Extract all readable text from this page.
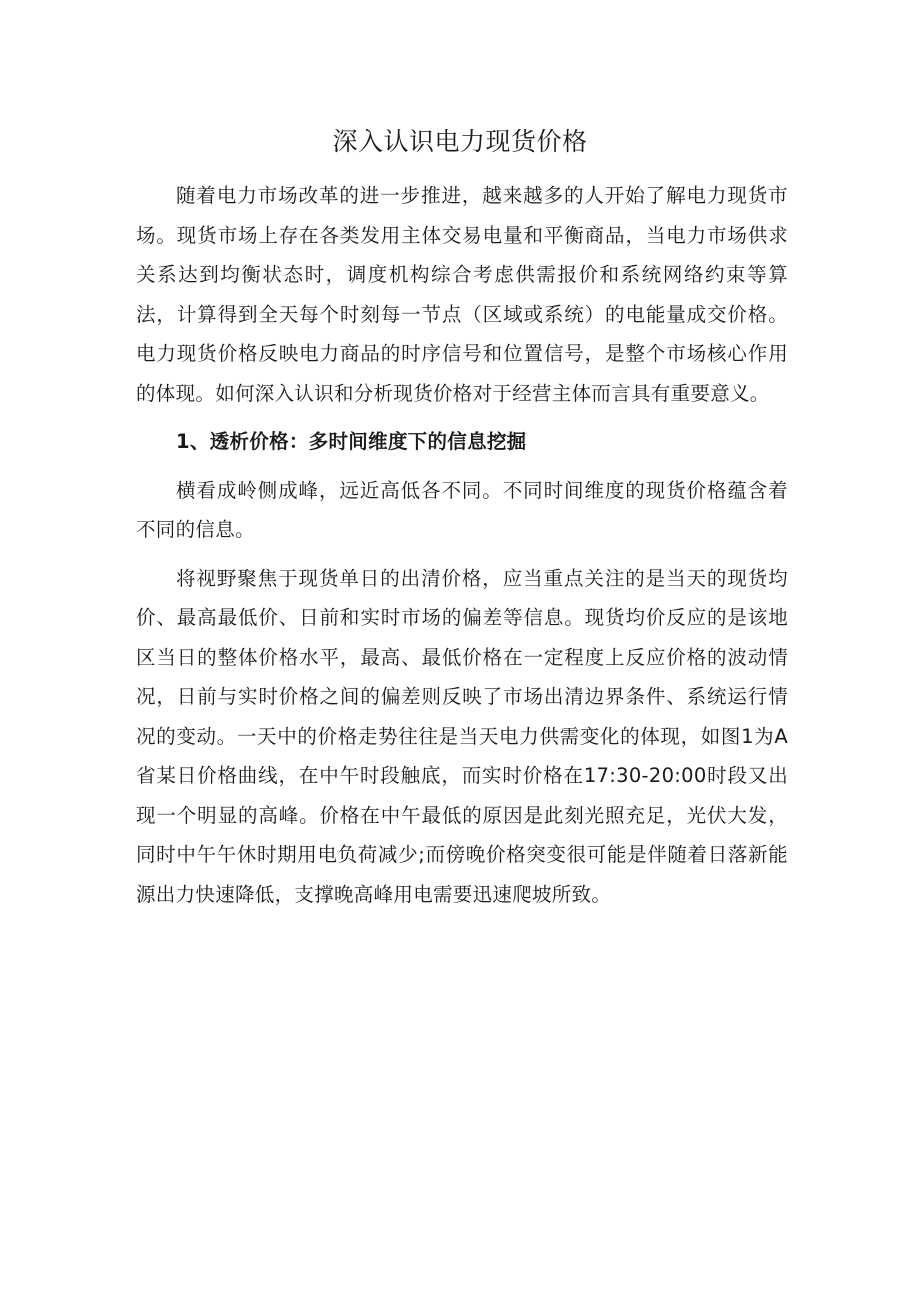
深入认识电力现货价格

随着电力市场改革的进一步推进，越来越多的人开始了解电力现货市场。现货市场上存在各类发用主体交易电量和平衡商品，当电力市场供求关系达到均衡状态时，调度机构综合考虑供需报价和系统网络约束等算法，计算得到全天每个时刻每一节点（区域或系统）的电能量成交价格。电力现货价格反映电力商品的时序信号和位置信号，是整个市场核心作用的体现。如何深入认识和分析现货价格对于经营主体而言具有重要意义。

1、透析价格：多时间维度下的信息挖掘

横看成岭侧成峰，远近高低各不同。不同时间维度的现货价格蕴含着不同的信息。

将视野聚焦于现货单日的出清价格，应当重点关注的是当天的现货均价、最高最低价、日前和实时市场的偏差等信息。现货均价反应的是该地区当日的整体价格水平，最高、最低价格在一定程度上反应价格的波动情况，日前与实时价格之间的偏差则反映了市场出清边界条件、系统运行情况的变动。一天中的价格走势往往是当天电力供需变化的体现，如图1为A省某日价格曲线，在中午时段触底，而实时价格在17:30-20:00时段又出现一个明显的高峰。价格在中午最低的原因是此刻光照充足，光伏大发，同时中午午休时期用电负荷减少;而傍晚价格突变很可能是伴随着日落新能源出力快速降低，支撑晚高峰用电需要迅速爬坡所致。
